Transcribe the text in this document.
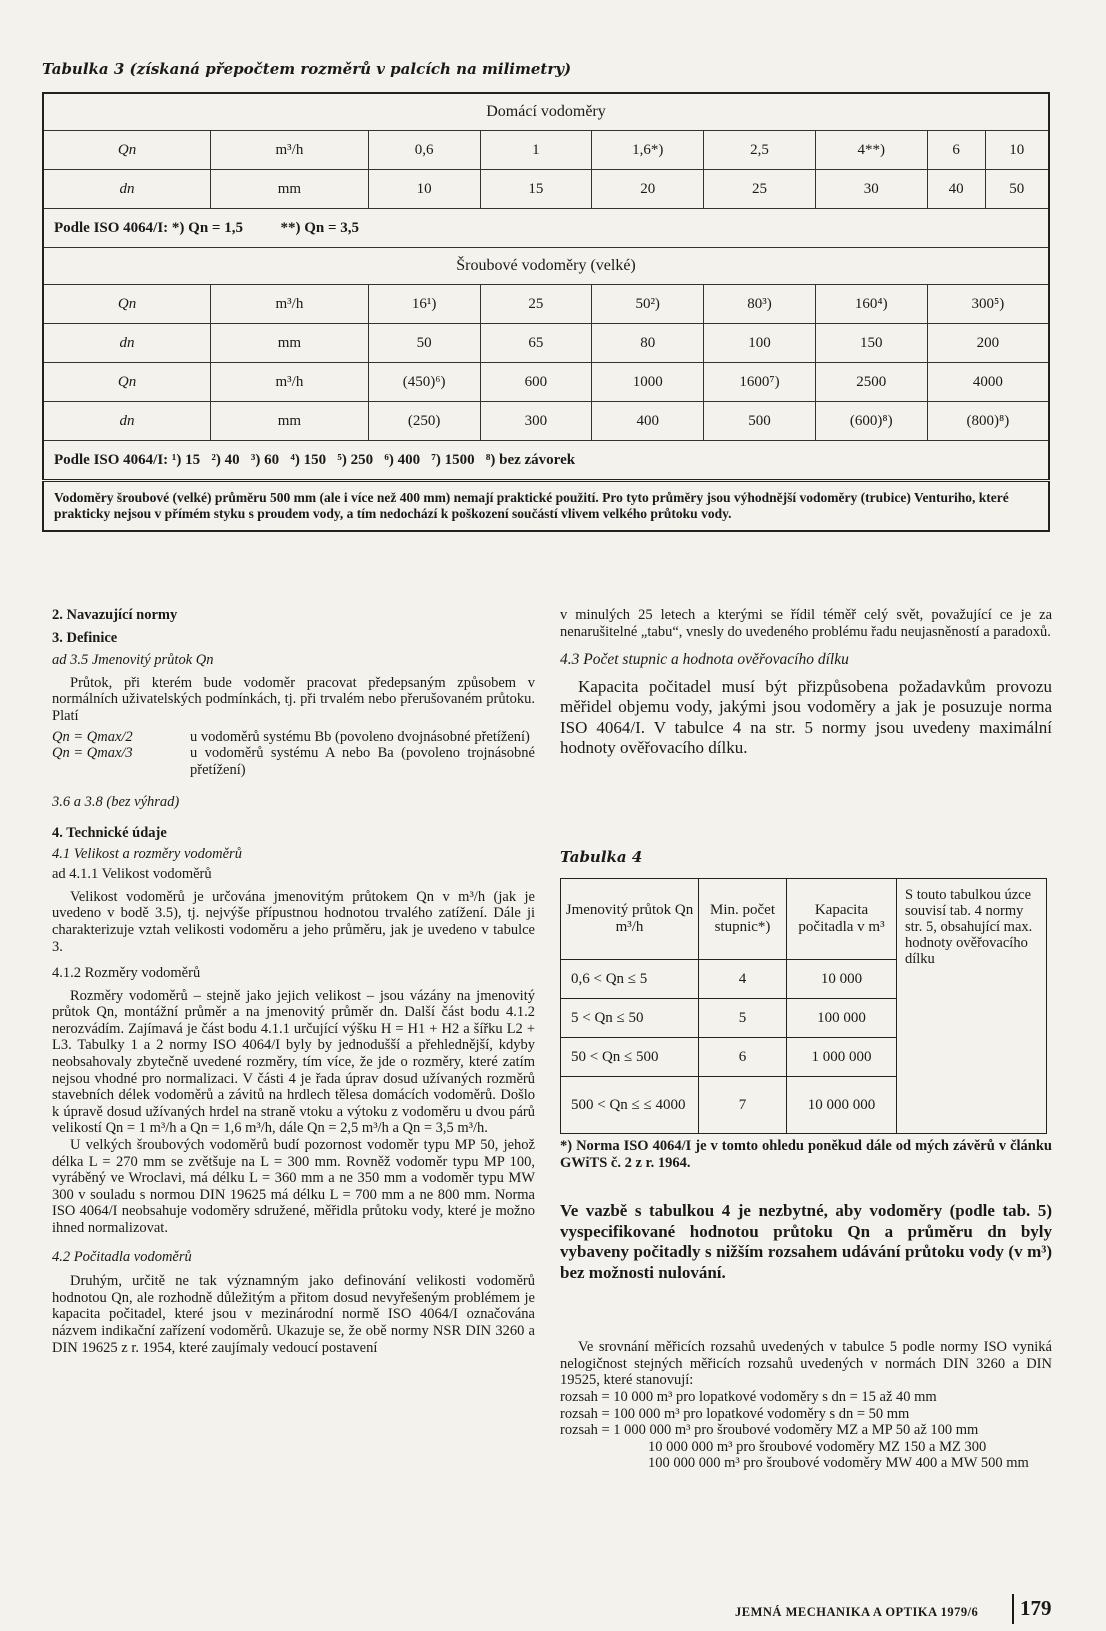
Tabulka 3 (získaná přepočtem rozměrů v palcích na milimetry)
Domácí vodoměry								
Qn	m³/h	0,6	1	1,6*)	2,5	4**)	6	10
dn	mm	10	15	20	25	30	40	50
Podle ISO 4064/I: *) Qn = 1,5          **) Qn = 3,5								
Šroubové vodoměry (velké)								
Qn	m³/h	16¹)	25	50²)	80³)	160⁴)	300⁵)	
dn	mm	50	65	80	100	150	200	
Qn	m³/h	(450)⁶)	600	1000	1600⁷)	2500	4000	
dn	mm	(250)	300	400	500	(600)⁸)	(800)⁸)	
Podle ISO 4064/I: ¹) 15   ²) 40   ³) 60   ⁴) 150   ⁵) 250   ⁶) 400   ⁷) 1500   ⁸) bez závorek								
Vodoměry šroubové (velké) průměru 500 mm (ale i více než 400 mm) nemají praktické použití. Pro tyto průměry jsou výhodnější vodoměry (trubice) Venturiho, které prakticky nejsou v přímém styku s proudem vody, a tím nedochází k poškození součástí vlivem velkého průtoku vody.								

2. Navazující normy

3. Definice

ad 3.5 Jmenovitý průtok Qn

Průtok, při kterém bude vodoměr pracovat předepsaným způsobem v normálních uživatelských podmínkách, tj. při trvalém nebo přerušovaném průtoku. Platí

Qn = Qmax/2	u vodoměrů systému Bb (povoleno dvojnásobné přetížení)
Qn = Qmax/3	u vodoměrů systému A nebo Ba (povoleno trojnásobné přetížení)

3.6 a 3.8 (bez výhrad)

4. Technické údaje

4.1 Velikost a rozměry vodoměrů

ad 4.1.1 Velikost vodoměrů

Velikost vodoměrů je určována jmenovitým průtokem Qn v m³/h (jak je uvedeno v bodě 3.5), tj. nejvýše přípustnou hodnotou trvalého zatížení. Dále ji charakterizuje vztah velikosti vodoměru a jeho průměru, jak je uvedeno v tabulce 3.

4.1.2 Rozměry vodoměrů

Rozměry vodoměrů – stejně jako jejich velikost – jsou vázány na jmenovitý průtok Qn, montážní průměr a na jmenovitý průměr dn. Další část bodu 4.1.2 nerozvádím. Zajímavá je část bodu 4.1.1 určující výšku H = H1 + H2 a šířku L2 + L3. Tabulky 1 a 2 normy ISO 4064/I byly by jednodušší a přehlednější, kdyby neobsahovaly zbytečně uvedené rozměry, tím více, že jde o rozměry, které zatím nejsou vhodné pro normalizaci. V části 4 je řada úprav dosud užívaných rozměrů stavebních délek vodoměrů a závitů na hrdlech tělesa domácích vodoměrů. Došlo k úpravě dosud užívaných hrdel na straně vtoku a výtoku z vodoměru u dvou párů velikostí Qn = 1 m³/h a Qn = 1,6 m³/h, dále Qn = 2,5 m³/h a Qn = 3,5 m³/h.

U velkých šroubových vodoměrů budí pozornost vodoměr typu MP 50, jehož délka L = 270 mm se zvětšuje na L = 300 mm. Rovněž vodoměr typu MP 100, vyráběný ve Wroclavi, má délku L = 360 mm a ne 350 mm a vodoměr typu MW 300 v souladu s normou DIN 19625 má délku L = 700 mm a ne 800 mm. Norma ISO 4064/I neobsahuje vodoměry sdružené, měřidla průtoku vody, které je možno ihned normalizovat.

4.2 Počitadla vodoměrů

Druhým, určitě ne tak významným jako definování velikosti vodoměrů hodnotou Qn, ale rozhodně důležitým a přitom dosud nevyřešeným problémem je kapacita počitadel, které jsou v mezinárodní normě ISO 4064/I označována názvem indikační zařízení vodoměrů. Ukazuje se, že obě normy NSR DIN 3260 a DIN 19625 z r. 1954, které zaujímaly vedoucí postavení

v minulých 25 letech a kterými se řídil téměř celý svět, považující ce je za nenarušitelné „tabu“, vnesly do uvedeného problému řadu neujasněností a paradoxů.

4.3 Počet stupnic a hodnota ověřovacího dílku

Kapacita počitadel musí být přizpůsobena požadavkům provozu měřidel objemu vody, jakými jsou vodoměry a jak je posuzuje norma ISO 4064/I. V tabulce 4 na str. 5 normy jsou uvedeny maximální hodnoty ověřovacího dílku.

Tabulka 4
Jmenovitý průtok Qn m³/h	Min. počet stupnic*)	Kapacita počitadla v m³	S touto tabulkou úzce souvisí tab. 4 normy str. 5, obsahující max. hodnoty ověřovacího dílku
0,6 < Qn ≤ 5	4	10 000	
5 < Qn ≤ 50	5	100 000	
50 < Qn ≤ 500	6	1 000 000	
500 < Qn ≤ ≤ 4000	7	10 000 000	

*) Norma ISO 4064/I je v tomto ohledu poněkud dále od mých závěrů v článku GWiTS č. 2 z r. 1964.

Ve vazbě s tabulkou 4 je nezbytné, aby vodoměry (podle tab. 5) vyspecifikované hodnotou průtoku Qn a průměru dn byly vybaveny počitadly s nižším rozsahem udávání průtoku vody (v m³) bez možnosti nulování.

Ve srovnání měřicích rozsahů uvedených v tabulce 5 podle normy ISO vyniká nelogičnost stejných měřicích rozsahů uvedených v normách DIN 3260 a DIN 19525, které stanovují:

rozsah = 10 000 m³ pro lopatkové vodoměry s dn = 15 až 40 mm

rozsah = 100 000 m³ pro lopatkové vodoměry s dn = 50 mm

rozsah = 1 000 000 m³ pro šroubové vodoměry MZ a MP 50 až 100 mm

10 000 000 m³ pro šroubové vodoměry MZ 150 a MZ 300

100 000 000 m³ pro šroubové vodoměry MW 400 a MW 500 mm

JEMNÁ MECHANIKA A OPTIKA 1979/6 179
